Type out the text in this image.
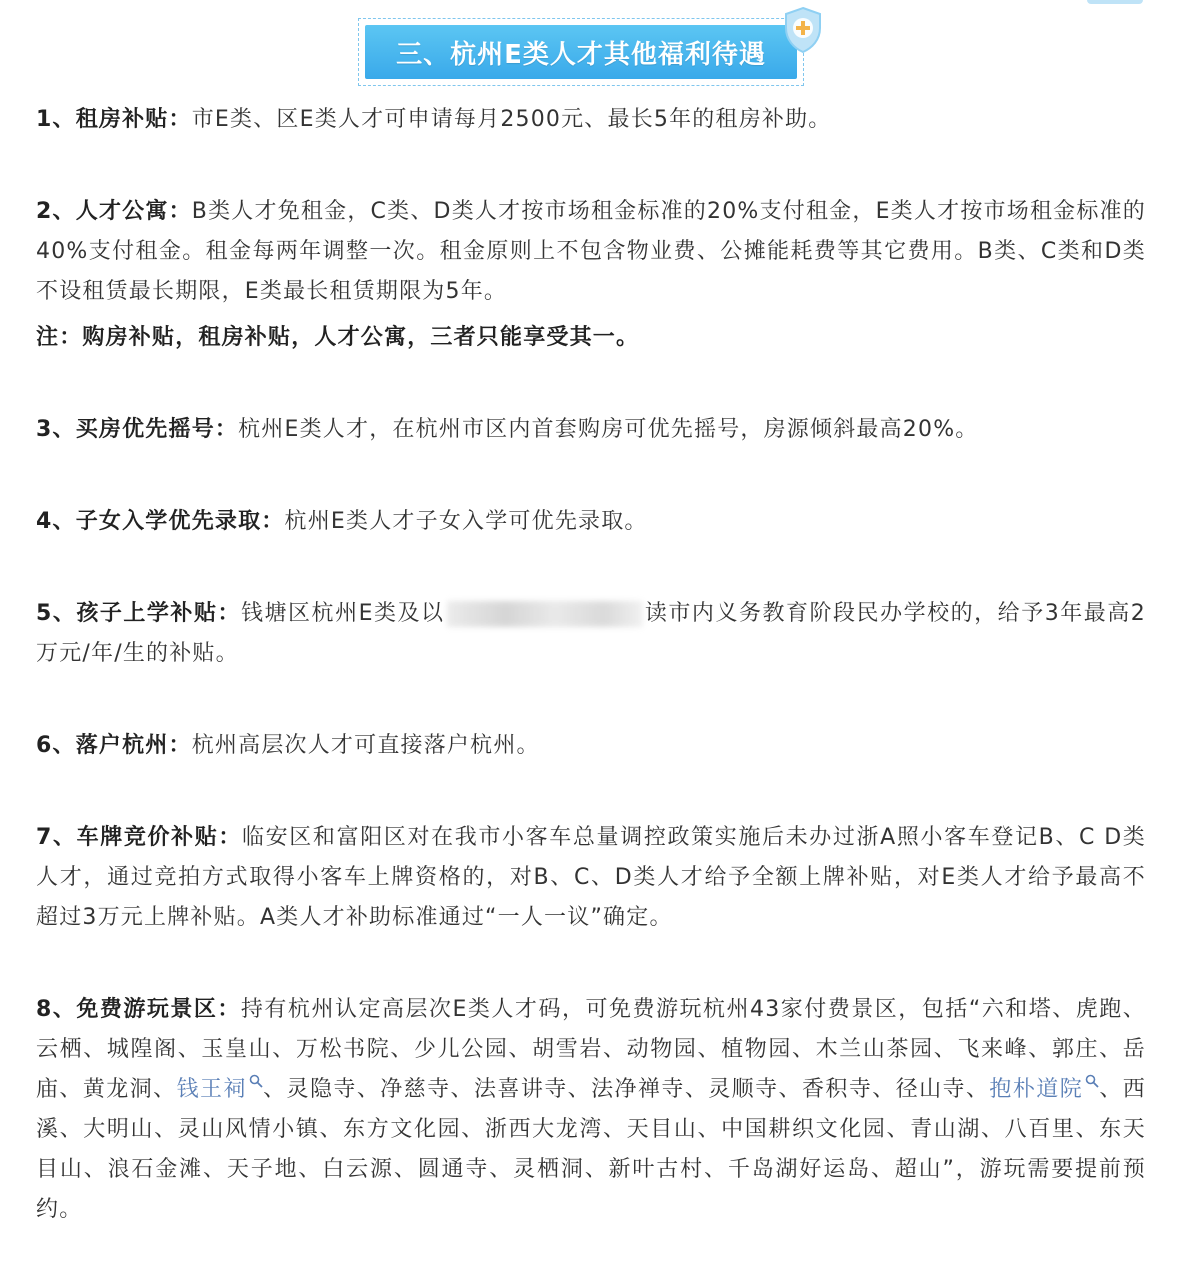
三、杭州E类人才其他福利待遇

1、租房补贴：市E类、区E类人才可申请每月2500元、最长5年的租房补助。

2、人才公寓：B类人才免租金，C类、D类人才按市场租金标准的20%支付租金，E类人才按市场租金标准的40%支付租金。租金每两年调整一次。租金原则上不包含物业费、公摊能耗费等其它费用。B类、C类和D类不设租赁最长期限，E类最长租赁期限为5年。

注：购房补贴，租房补贴，人才公寓，三者只能享受其一。

3、买房优先摇号：杭州E类人才，在杭州市区内首套购房可优先摇号，房源倾斜最高20%。

4、子女入学优先录取：杭州E类人才子女入学可优先录取。

5、孩子上学补贴：钱塘区杭州E类及以	读市内义务教育阶段民办学校的，给予3年最高2万元/年/生的补贴。

6、落户杭州：杭州高层次人才可直接落户杭州。

7、车牌竞价补贴：临安区和富阳区对在我市小客车总量调控政策实施后未办过浙A照小客车登记B、C D类人才，通过竞拍方式取得小客车上牌资格的，对B、C、D类人才给予全额上牌补贴，对E类人才给予最高不超过3万元上牌补贴。A类人才补助标准通过“一人一议”确定。

8、免费游玩景区：持有杭州认定高层次E类人才码，可免费游玩杭州43家付费景区，包括“六和塔、虎跑、云栖、城隍阁、玉皇山、万松书院、少儿公园、胡雪岩、动物园、植物园、木兰山茶园、飞来峰、郭庄、岳庙、黄龙洞、钱王祠 、灵隐寺、净慈寺、法喜讲寺、法净禅寺、灵顺寺、香积寺、径山寺、抱朴道院 、西溪、大明山、灵山风情小镇、东方文化园、浙西大龙湾、天目山、中国耕织文化园、青山湖、八百里、东天目山、浪石金滩、天子地、白云源、圆通寺、灵栖洞、新叶古村、千岛湖好运岛、超山”，游玩需要提前预约。
